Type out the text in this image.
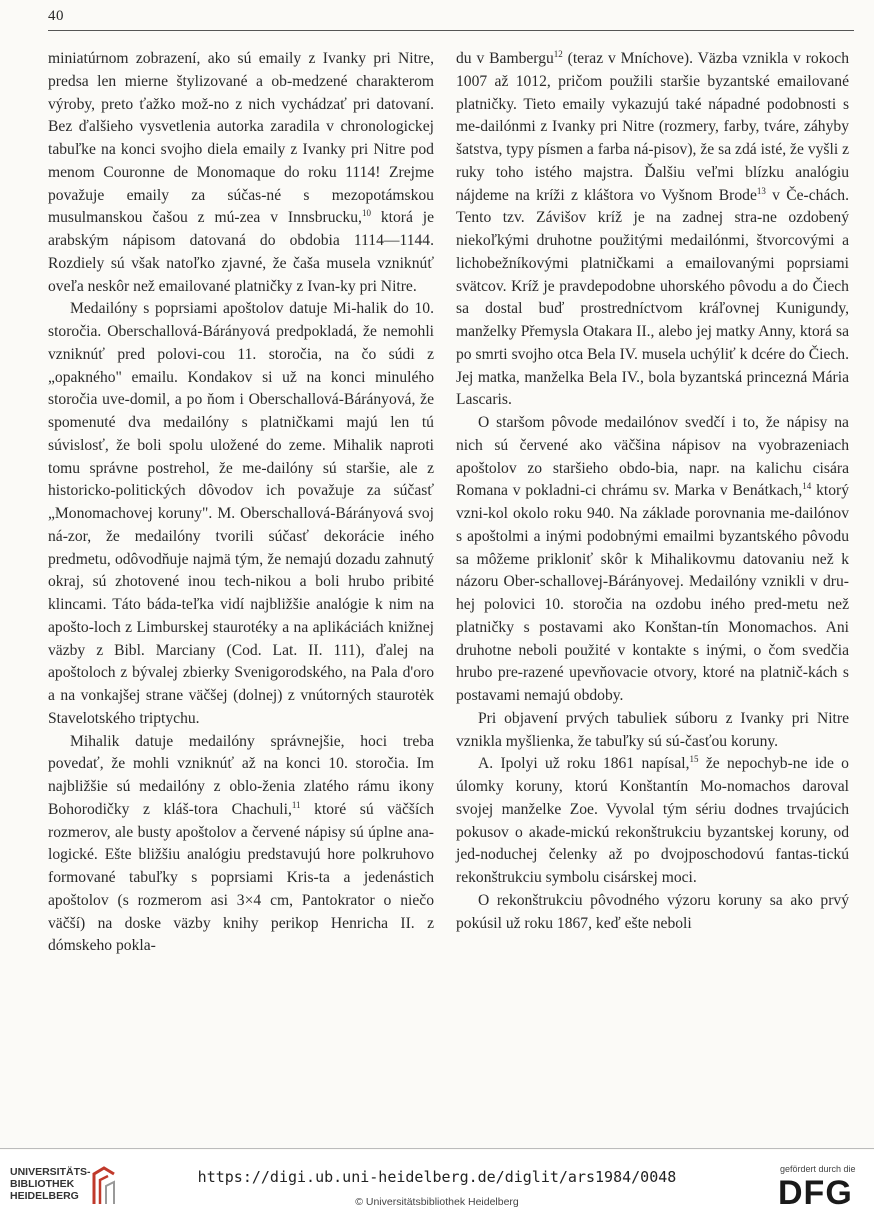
40

miniatúrnom zobrazení, ako sú emaily z Ivanky pri Nitre, predsa len mierne štylizované a ob-medzené charakterom výroby, preto ťažko mož-no z nich vychádzať pri datovaní. Bez ďalšieho vysvetlenia autorka zaradila v chronologickej tabuľke na konci svojho diela emaily z Ivanky pri Nitre pod menom Couronne de Monomaque do roku 1114! Zrejme považuje emaily za súčas-né s mezopotámskou musulmanskou čašou z mú-zea v Innsbrucku,$^{10}$ ktorá je arabským nápisom datovaná do obdobia 1114—1144. Rozdiely sú však natoľko zjavné, že čaša musela vzniknúť oveľa neskôr než emailované platničky z Ivan-ky pri Nitre.

Medailóny s poprsiami apoštolov datuje Mi-halik do 10. storočia. Oberschallová-Bárányová predpokladá, že nemohli vzniknúť pred polovi-cou 11. storočia, na čo súdi z „opakného" emailu. Kondakov si už na konci minulého storočia uve-domil, a po ňom i Oberschallová-Bárányová, že spomenuté dva medailóny s platničkami majú len tú súvislosť, že boli spolu uložené do zeme. Mihalik naproti tomu správne postrehol, že me-dailóny sú staršie, ale z historicko-politických dôvodov ich považuje za súčasť „Monomachovej koruny". M. Oberschallová-Bárányová svoj ná-zor, že medailóny tvorili súčasť dekorácie iného predmetu, odôvodňuje najmä tým, že nemajú dozadu zahnutý okraj, sú zhotovené inou tech-nikou a boli hrubo pribité klincami. Táto báda-teľka vidí najbližšie analógie k nim na apošto-loch z Limburskej staurotéky a na aplikáciách knižnej väzby z Bibl. Marciany (Cod. Lat. II. 111), ďalej na apoštoloch z bývalej zbierky Svenigorodského, na Pala d'oro a na vonkajšej strane väčšej (dolnej) z vnútorných staurotėk Stavelotského triptychu.

Mihalik datuje medailóny správnejšie, hoci treba povedať, že mohli vzniknúť až na konci 10. storočia. Im najbližšie sú medailóny z oblo-ženia zlatého rámu ikony Bohorodičky z kláš-tora Chachuli,$^{11}$ ktoré sú väčších rozmerov, ale busty apoštolov a červené nápisy sú úplne ana-logické. Ešte bližšiu analógiu predstavujú hore polkruhovo formované tabuľky s poprsiami Kris-ta a jedenástich apoštolov (s rozmerom asi 3×4 cm, Pantokrator o niečo väčší) na doske väzby knihy perikop Henricha II. z dómskeho pokla-

du v Bambergu$^{12}$ (teraz v Mníchove). Väzba vznikla v rokoch 1007 až 1012, pričom použili staršie byzantské emailované platničky. Tieto emaily vykazujú také nápadné podobnosti s me-dailónmi z Ivanky pri Nitre (rozmery, farby, tváre, záhyby šatstva, typy písmen a farba ná-pisov), že sa zdá isté, že vyšli z ruky toho istého majstra. Ďalšiu veľmi blízku analógiu nájdeme na kríži z kláštora vo Vyšnom Brode$^{13}$ v Če-chách. Tento tzv. Závišov kríž je na zadnej stra-ne ozdobený niekoľkými druhotne použitými medailónmi, štvorcovými a lichobežníkovými platničkami a emailovanými poprsiami svätcov. Kríž je pravdepodobne uhorského pôvodu a do Čiech sa dostal buď prostredníctvom kráľovnej Kunigundy, manželky Přemysla Otakara II., alebo jej matky Anny, ktorá sa po smrti svojho otca Bela IV. musela uchýliť k dcére do Čiech. Jej matka, manželka Bela IV., bola byzantská princezná Mária Lascaris.

O staršom pôvode medailónov svedčí i to, že nápisy na nich sú červené ako väčšina nápisov na vyobrazeniach apoštolov zo staršieho obdo-bia, napr. na kalichu cisára Romana v pokladni-ci chrámu sv. Marka v Benátkach,$^{14}$ ktorý vzni-kol okolo roku 940. Na základe porovnania me-dailónov s apoštolmi a inými podobnými emailmi byzantského pôvodu sa môžeme prikloniť skôr k Mihalikovmu datovaniu než k názoru Ober-schallovej-Bárányovej. Medailóny vznikli v dru-hej polovici 10. storočia na ozdobu iného pred-metu než platničky s postavami ako Konštan-tín Monomachos. Ani druhotne neboli použité v kontakte s inými, o čom svedčia hrubo pre-razené upevňovacie otvory, ktoré na platnič-kách s postavami nemajú obdoby.

Pri objavení prvých tabuliek súboru z Ivanky pri Nitre vznikla myšlienka, že tabuľky sú sú-časťou koruny.

A. Ipolyi už roku 1861 napísal,$^{15}$ že nepochyb-ne ide o úlomky koruny, ktorú Konštantín Mo-nomachos daroval svojej manželke Zoe. Vyvolal tým sériu dodnes trvajúcich pokusov o akade-mickú rekonštrukciu byzantskej koruny, od jed-noduchej čelenky až po dvojposchodovú fantas-tickú rekonštrukciu symbolu cisárskej moci.

O rekonštrukciu pôvodného výzoru koruny sa ako prvý pokúsil už roku 1867, keď ešte neboli

UNIVERSITÄTS-
BIBLIOTHEK
HEIDELBERG
https://digi.ub.uni-heidelberg.de/diglit/ars1984/0048
© Universitätsbibliothek Heidelberg
gefördert durch die
DFG
